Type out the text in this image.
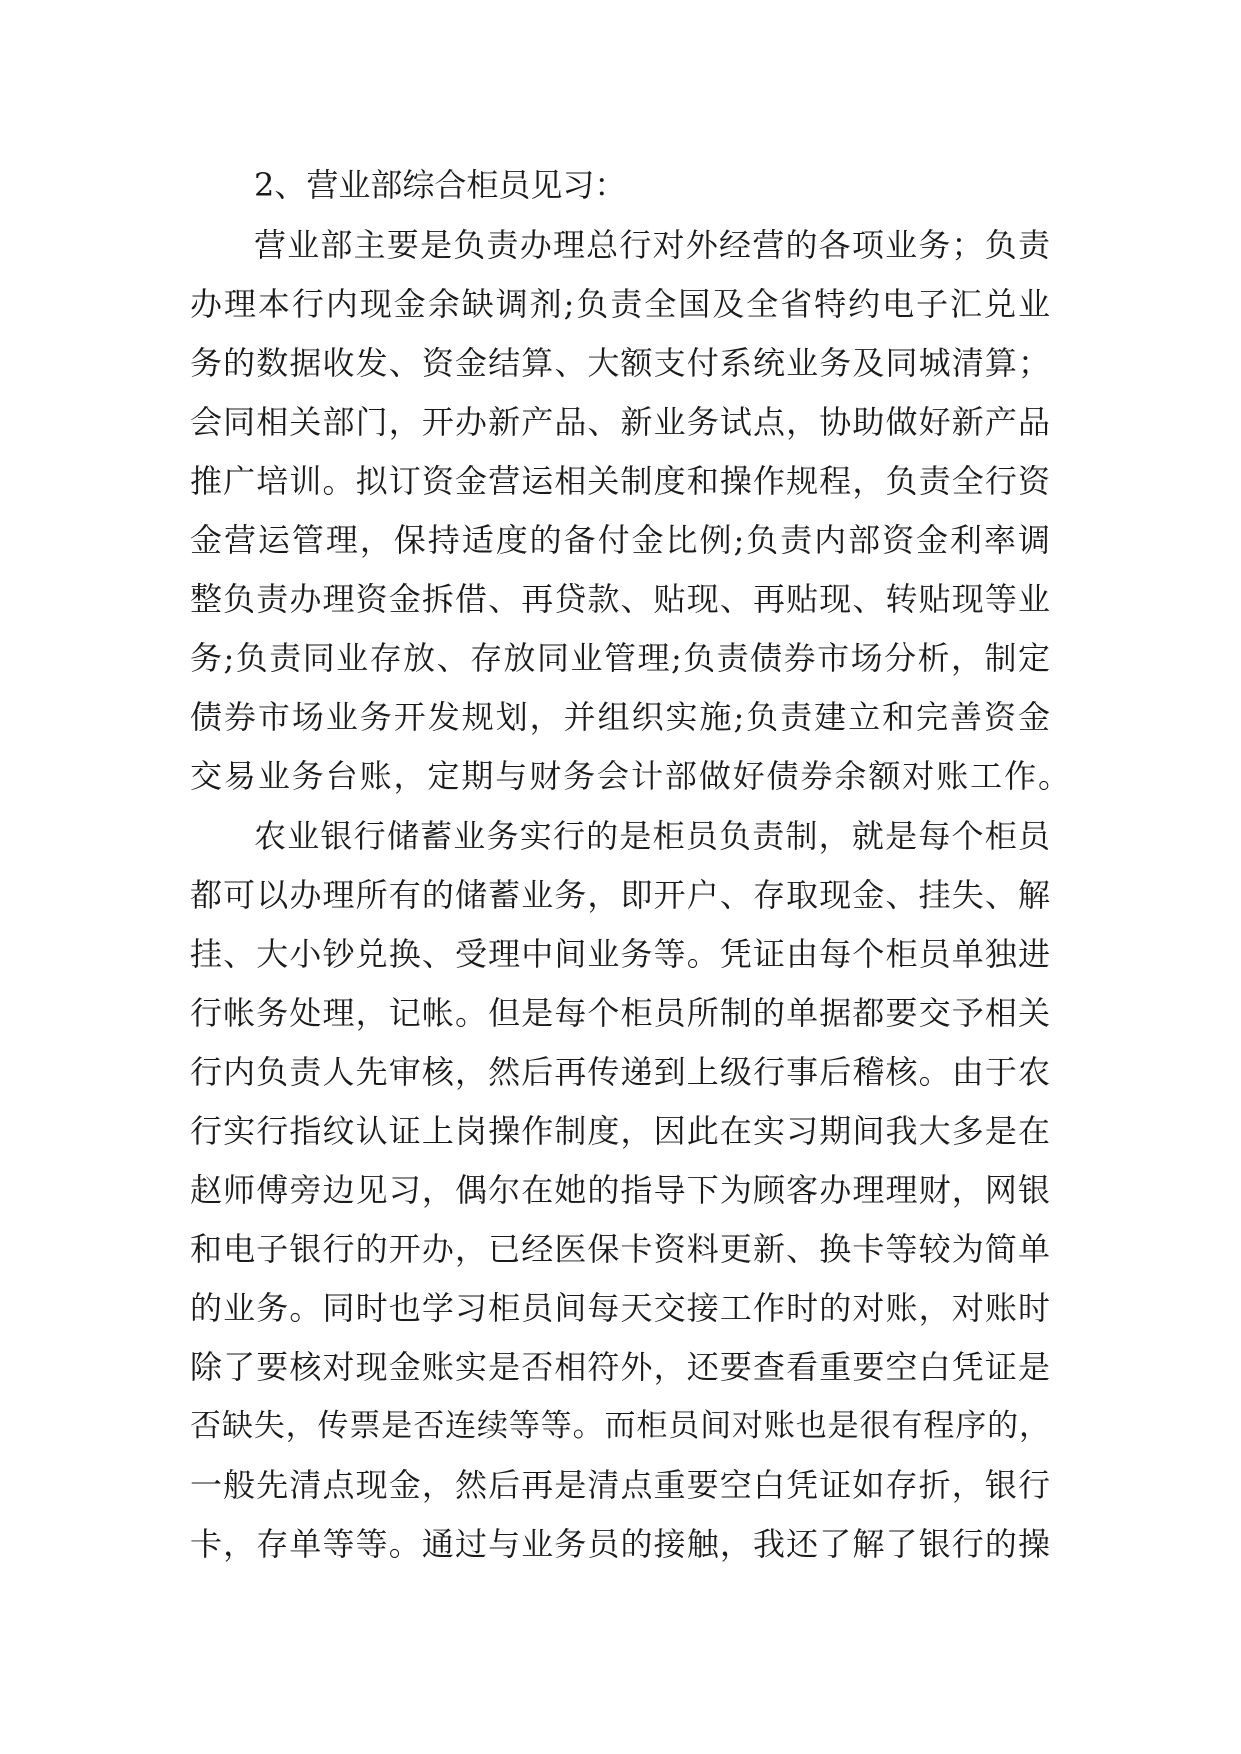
2、营业部综合柜员见习：
营业部主要是负责办理总行对外经营的各项业务；负责
办理本行内现金余缺调剂;负责全国及全省特约电子汇兑业
务的数据收发、资金结算、大额支付系统业务及同城清算；
会同相关部门，开办新产品、新业务试点，协助做好新产品
推广培训。拟订资金营运相关制度和操作规程，负责全行资
金营运管理，保持适度的备付金比例;负责内部资金利率调
整负责办理资金拆借、再贷款、贴现、再贴现、转贴现等业
务;负责同业存放、存放同业管理;负责债券市场分析，制定
债券市场业务开发规划，并组织实施;负责建立和完善资金
交易业务台账，定期与财务会计部做好债券余额对账工作。
农业银行储蓄业务实行的是柜员负责制，就是每个柜员
都可以办理所有的储蓄业务，即开户、存取现金、挂失、解
挂、大小钞兑换、受理中间业务等。凭证由每个柜员单独进
行帐务处理，记帐。但是每个柜员所制的单据都要交予相关
行内负责人先审核，然后再传递到上级行事后稽核。由于农
行实行指纹认证上岗操作制度，因此在实习期间我大多是在
赵师傅旁边见习，偶尔在她的指导下为顾客办理理财，网银
和电子银行的开办，已经医保卡资料更新、换卡等较为简单
的业务。同时也学习柜员间每天交接工作时的对账，对账时
除了要核对现金账实是否相符外，还要查看重要空白凭证是
否缺失，传票是否连续等等。而柜员间对账也是很有程序的，
一般先清点现金，然后再是清点重要空白凭证如存折，银行
卡，存单等等。通过与业务员的接触，我还了解了银行的操
